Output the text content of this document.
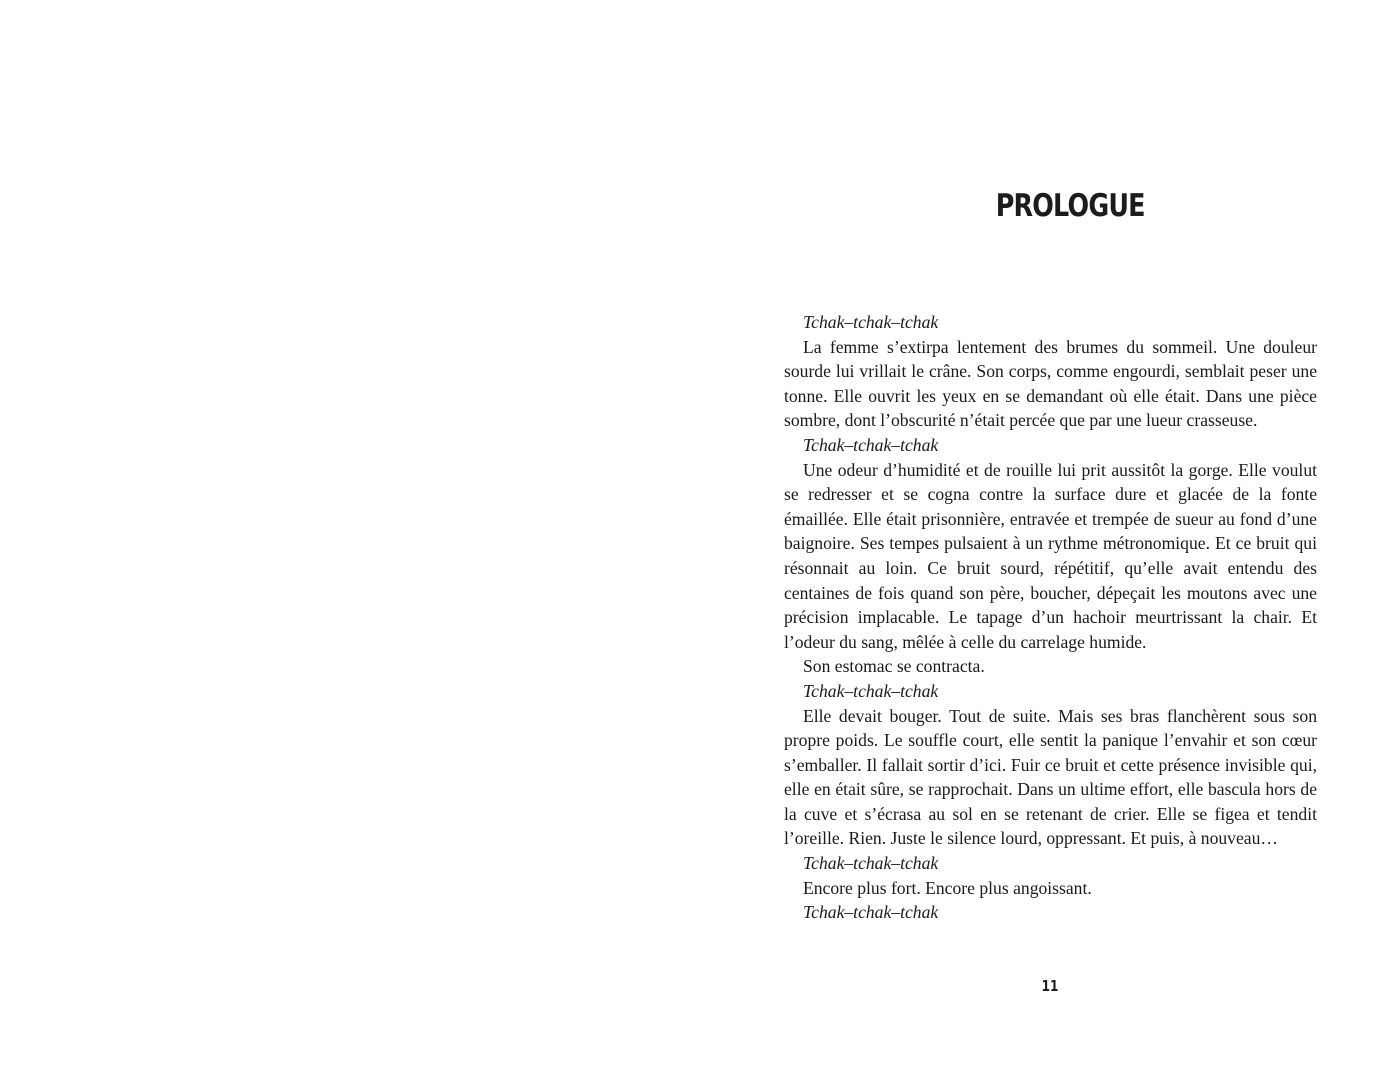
PROLOGUE

Tchak–tchak–tchak

La femme s’extirpa lentement des brumes du sommeil. Une douleur sourde lui vrillait le crâne. Son corps, comme engourdi, semblait peser une tonne. Elle ouvrit les yeux en se demandant où elle était. Dans une pièce sombre, dont l’obscurité n’était percée que par une lueur crasseuse.

Tchak–tchak–tchak

Une odeur d’humidité et de rouille lui prit aussitôt la gorge. Elle voulut se redresser et se cogna contre la surface dure et glacée de la fonte émaillée. Elle était prisonnière, entravée et trempée de sueur au fond d’une baignoire. Ses tempes pulsaient à un rythme métronomique. Et ce bruit qui résonnait au loin. Ce bruit sourd, répétitif, qu’elle avait entendu des centaines de fois quand son père, boucher, dépeçait les moutons avec une précision implacable. Le tapage d’un hachoir meurtrissant la chair. Et l’odeur du sang, mêlée à celle du carrelage humide.

Son estomac se contracta.

Tchak–tchak–tchak

Elle devait bouger. Tout de suite. Mais ses bras flanchèrent sous son propre poids. Le souffle court, elle sentit la panique l’envahir et son cœur s’emballer. Il fallait sortir d’ici. Fuir ce bruit et cette présence invisible qui, elle en était sûre, se rapprochait. Dans un ultime effort, elle bascula hors de la cuve et s’écrasa au sol en se retenant de crier. Elle se figea et tendit l’oreille. Rien. Juste le silence lourd, oppressant. Et puis, à nouveau…

Tchak–tchak–tchak

Encore plus fort. Encore plus angoissant.

Tchak–tchak–tchak

11
